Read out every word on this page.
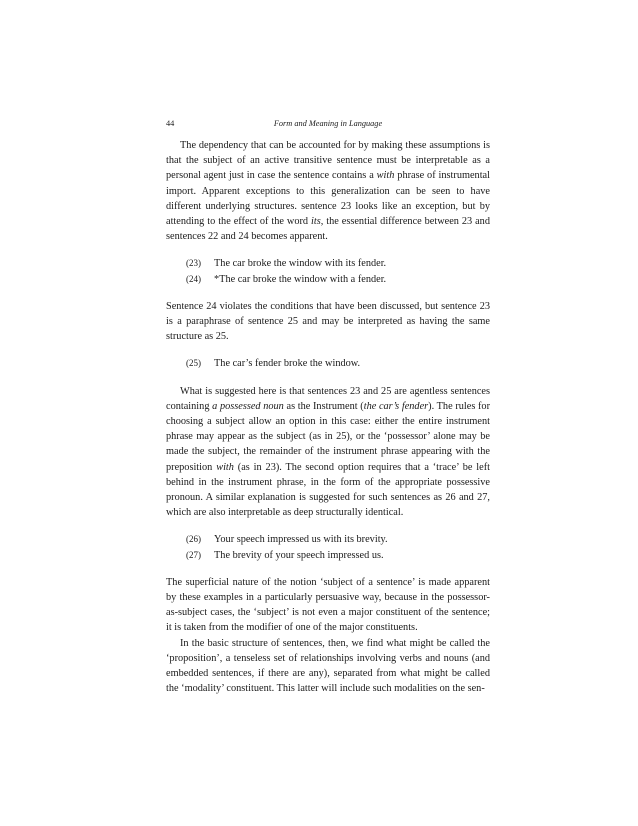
44	Form and Meaning in Language

The dependency that can be accounted for by making these assumptions is that the subject of an active transitive sentence must be interpretable as a personal agent just in case the sentence contains a with phrase of instrumental import. Apparent exceptions to this generalization can be seen to have different underlying structures. sentence 23 looks like an exception, but by attending to the effect of the word its, the essential difference between 23 and sentences 22 and 24 becomes apparent.

(23)	The car broke the window with its fender.
(24)	*The car broke the window with a fender.

Sentence 24 violates the conditions that have been discussed, but sentence 23 is a paraphrase of sentence 25 and may be interpreted as having the same structure as 25.

(25)	The car’s fender broke the window.

What is suggested here is that sentences 23 and 25 are agentless sentences containing a possessed noun as the Instrument (the car’s fender). The rules for choosing a subject allow an option in this case: either the entire instrument phrase may appear as the subject (as in 25), or the ‘possessor’ alone may be made the subject, the remainder of the instrument phrase appearing with the preposition with (as in 23). The second option requires that a ‘trace’ be left behind in the instrument phrase, in the form of the appropriate possessive pronoun. A similar explanation is suggested for such sentences as 26 and 27, which are also interpretable as deep structurally identical.

(26)	Your speech impressed us with its brevity.
(27)	The brevity of your speech impressed us.

The superficial nature of the notion ‘subject of a sentence’ is made apparent by these examples in a particularly persuasive way, because in the possessor-as-subject cases, the ‘subject’ is not even a major constituent of the sentence; it is taken from the modifier of one of the major constituents.

In the basic structure of sentences, then, we find what might be called the ‘proposition’, a tenseless set of relationships involving verbs and nouns (and embedded sentences, if there are any), separated from what might be called the ‘modality’ constituent. This latter will include such modalities on the sen-
